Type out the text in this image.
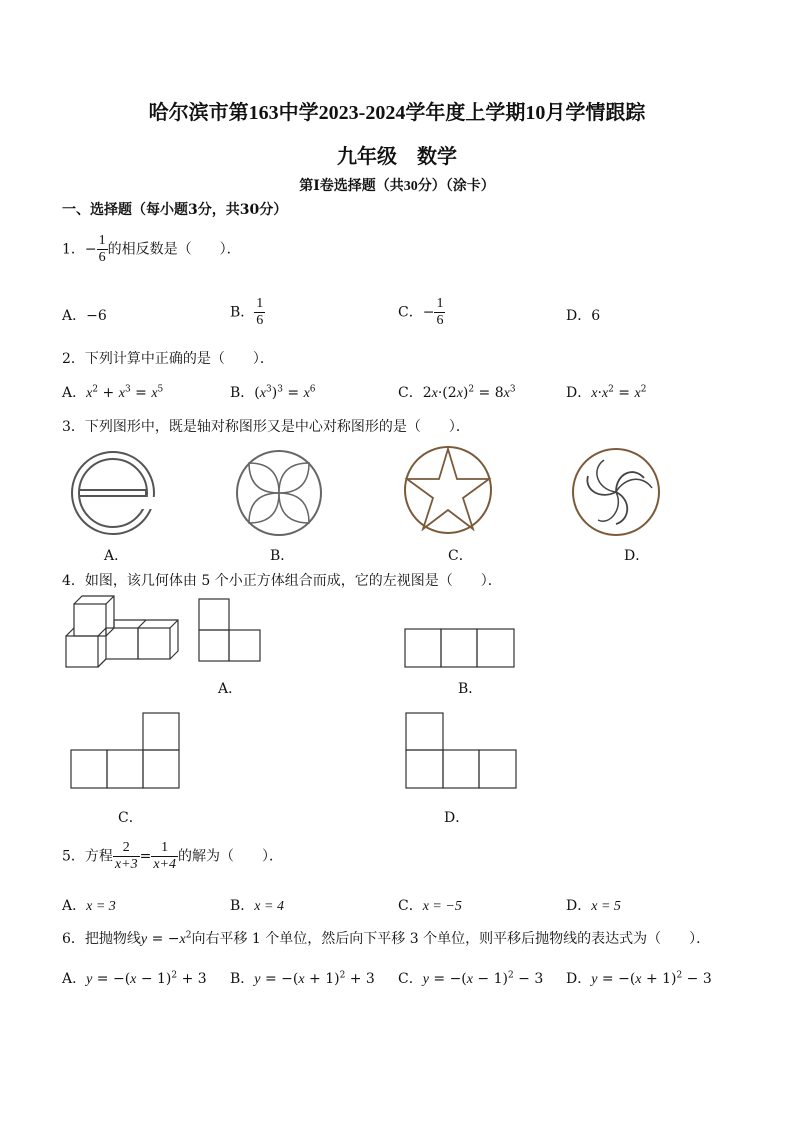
哈尔滨市第163中学2023-2024学年度上学期10月学情跟踪
九年级　数学
第Ⅰ卷选择题（共30分）（涂卡）
一、选择题（每小题3分，共30分）
1．− $\frac{1}{6}$ 的相反数是（　　）．
A．−6	B． $\frac{1}{6}$	C．− $\frac{1}{6}$	D．6
2．下列计算中正确的是（　　）．
A．$x^2 + x^3 = x^5$	B．$(x^3)^3 = x^6$	C．$2x\cdot(2x)^2 = 8x^3$	D．$x\cdot x^2 = x^2$
3．下列图形中，既是轴对称图形又是中心对称图形的是（　　）．
A．	B．	C．	D．
4．如图，该几何体由 5 个小正方体组合而成，它的左视图是（　　）．
A．	B．
C．	D．
5．方程 $\frac{2}{x+3} = \frac{1}{x+4}$ 的解为（　　）．
A．x = 3	B．x = 4	C．x = −5	D．x = 5
6．把抛物线$y = -x^2$向右平移 1 个单位，然后向下平移 3 个单位，则平移后抛物线的表达式为（　　）．
A．$y = -(x - 1)^2 + 3$ B．$y = -(x + 1)^2 + 3$ C．$y = -(x - 1)^2 - 3$ D．$y = -(x + 1)^2 - 3$
